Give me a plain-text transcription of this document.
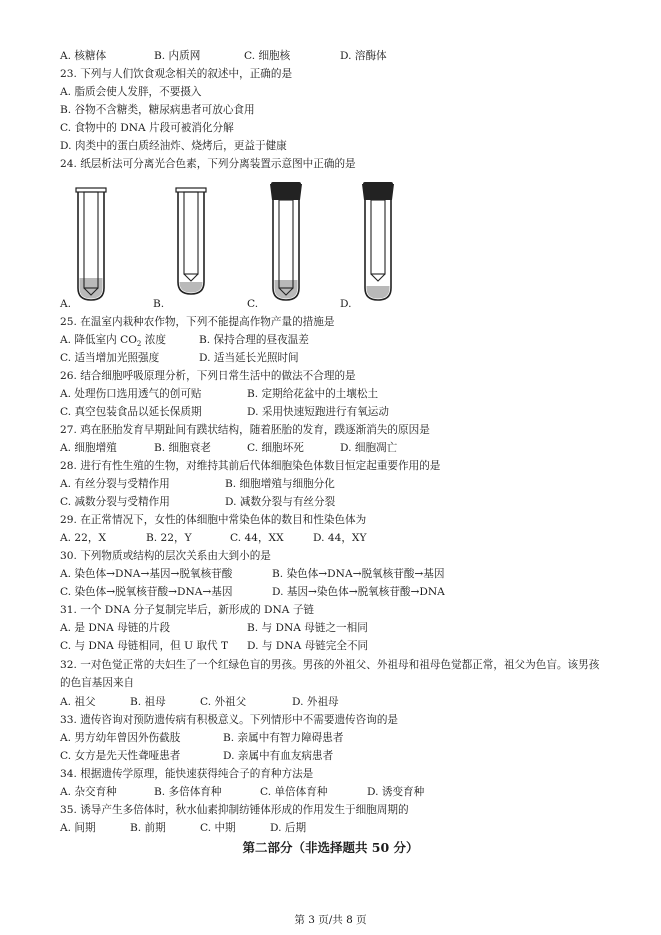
A. 核糖体	B. 内质网	C. 细胞核	D. 溶酶体
23. 下列与人们饮食观念相关的叙述中，正确的是
A. 脂质会使人发胖，不要摄入
B. 谷物不含糖类，糖尿病患者可放心食用
C. 食物中的 DNA 片段可被消化分解
D. 肉类中的蛋白质经油炸、烧烤后，更益于健康
24. 纸层析法可分离光合色素，下列分离装置示意图中正确的是
A.	B.	C.	D.
25. 在温室内栽种农作物，下列不能提高作物产量的措施是
A. 降低室内 $CO_2$ 浓度	B. 保持合理的昼夜温差
C. 适当增加光照强度	D. 适当延长光照时间
26. 结合细胞呼吸原理分析，下列日常生活中的做法不合理的是
A. 处理伤口选用透气的创可贴	B. 定期给花盆中的土壤松土
C. 真空包装食品以延长保质期	D. 采用快速短跑进行有氧运动
27. 鸡在胚胎发育早期趾间有蹼状结构，随着胚胎的发育，蹼逐渐消失的原因是
A. 细胞增殖	B. 细胞衰老	C. 细胞坏死	D. 细胞凋亡
28. 进行有性生殖的生物，对维持其前后代体细胞染色体数目恒定起重要作用的是
A. 有丝分裂与受精作用	B. 细胞增殖与细胞分化
C. 减数分裂与受精作用	D. 减数分裂与有丝分裂
29. 在正常情况下，女性的体细胞中常染色体的数目和性染色体为
A. 22，X	B. 22，Y	C. 44，XX	D. 44，XY
30. 下列物质或结构的层次关系由大到小的是
A. 染色体→DNA→基因→脱氧核苷酸	B. 染色体→DNA→脱氧核苷酸→基因
C. 染色体→脱氧核苷酸→DNA→基因	D. 基因→染色体→脱氧核苷酸→DNA
31. 一个 DNA 分子复制完毕后，新形成的 DNA 子链
A. 是 DNA 母链的片段	B. 与 DNA 母链之一相同
C. 与 DNA 母链相同，但 U 取代 T D. 与 DNA 母链完全不同
32. 一对色觉正常的夫妇生了一个红绿色盲的男孩。男孩的外祖父、外祖母和祖母色觉都正常，祖父为色盲。该男孩的色盲基因来自
A. 祖父	B. 祖母	C. 外祖父	D. 外祖母
33. 遗传咨询对预防遗传病有积极意义。下列情形中不需要遗传咨询的是
A. 男方幼年曾因外伤截肢	B. 亲属中有智力障碍患者
C. 女方是先天性聋哑患者	D. 亲属中有血友病患者
34. 根据遗传学原理，能快速获得纯合子的育种方法是
A. 杂交育种	B. 多倍体育种	C. 单倍体育种	D. 诱变育种
35. 诱导产生多倍体时，秋水仙素抑制纺锤体形成的作用发生于细胞周期的
A. 间期	B. 前期	C. 中期	D. 后期
第二部分（非选择题共 50 分）
第 3 页/共 8 页
